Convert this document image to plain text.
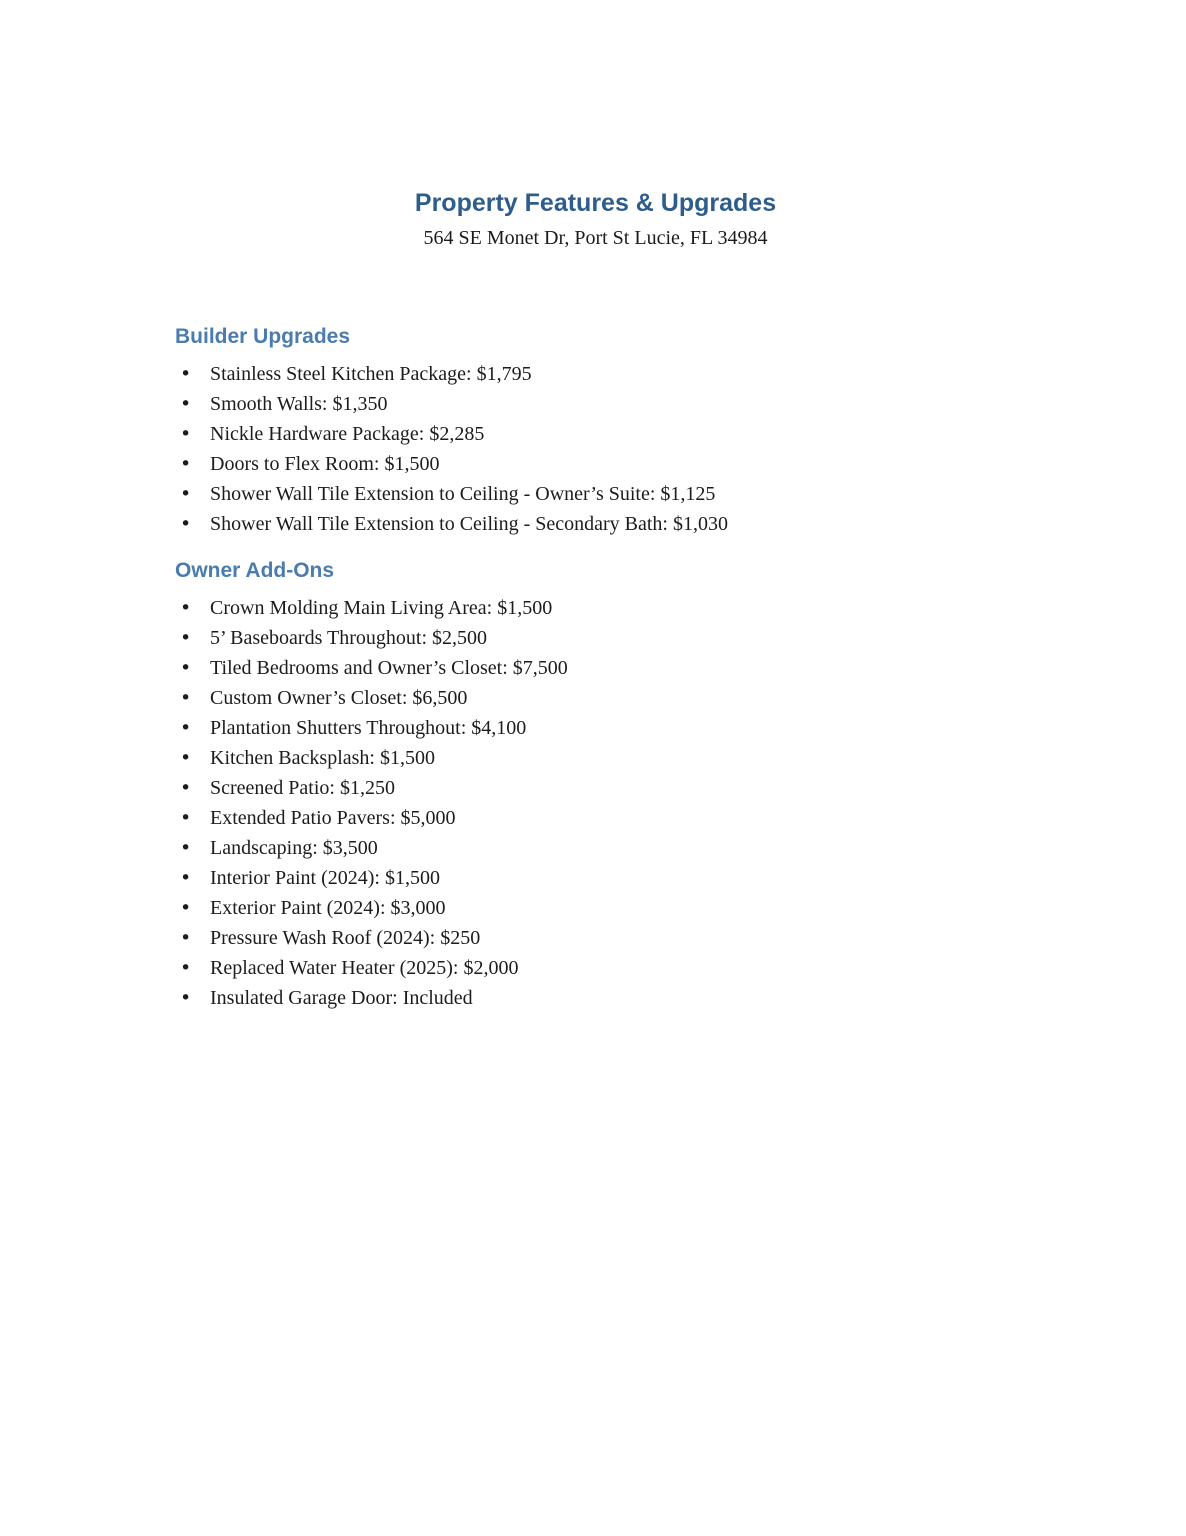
Property Features & Upgrades
564 SE Monet Dr, Port St Lucie, FL 34984
Builder Upgrades
• Stainless Steel Kitchen Package: $1,795
• Smooth Walls: $1,350
• Nickle Hardware Package: $2,285
• Doors to Flex Room: $1,500
• Shower Wall Tile Extension to Ceiling - Owner’s Suite: $1,125
• Shower Wall Tile Extension to Ceiling - Secondary Bath: $1,030
Owner Add-Ons
• Crown Molding Main Living Area: $1,500
• 5’ Baseboards Throughout: $2,500
• Tiled Bedrooms and Owner’s Closet: $7,500
• Custom Owner’s Closet: $6,500
• Plantation Shutters Throughout: $4,100
• Kitchen Backsplash: $1,500
• Screened Patio: $1,250
• Extended Patio Pavers: $5,000
• Landscaping: $3,500
• Interior Paint (2024): $1,500
• Exterior Paint (2024): $3,000
• Pressure Wash Roof (2024): $250
• Replaced Water Heater (2025): $2,000
• Insulated Garage Door: Included
